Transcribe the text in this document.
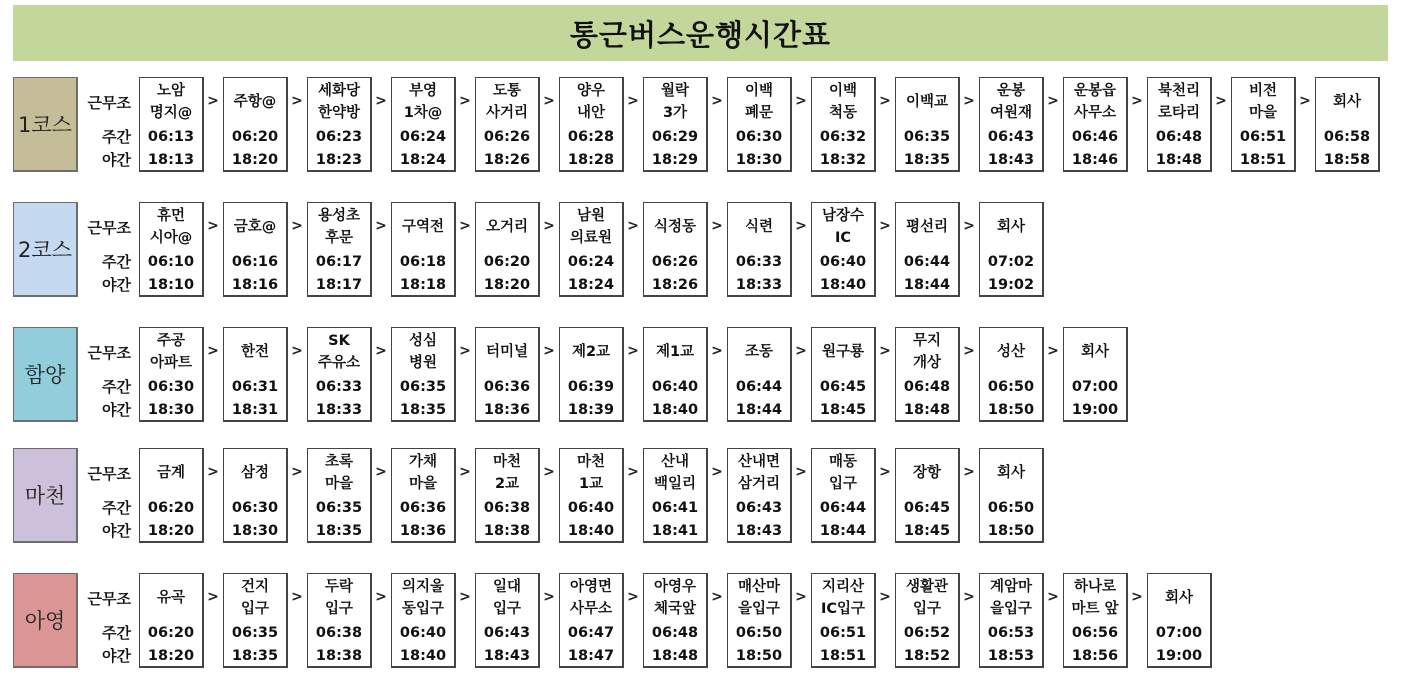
통근버스운행시간표
1코스
근무조
주간
야간
노암
명지@
06:13
18:13
> 주항@
06:20
18:20
>
세화당
한약방
06:23
18:23
>
부영
1차@
06:24
18:24
>
도통
사거리
06:26
18:26
>
양우
내안
06:28
18:28
>
월락
3가
06:29
18:29
>
이백
폐문
06:30
18:30
>
이백
척동
06:32
18:32
> 이백교
06:35
18:35
>
운봉
여원재
06:43
18:43
>
운봉읍
사무소
06:46
18:46
>
북천리
로타리
06:48
18:48
>
비전
마을
06:51
18:51
> 회사
06:58
18:58
2코스
근무조
주간
야간
휴먼
시아@
06:10
18:10
> 금호@
06:16
18:16
>
용성초
후문
06:17
18:17
> 구역전
06:18
18:18
> 오거리
06:20
18:20
>
남원
의료원
06:24
18:24
> 식정동
06:26
18:26
> 식련
06:33
18:33
>
남장수
IC
06:40
18:40
> 평선리
06:44
18:44
> 회사
07:02
19:02
함양
근무조
주간
야간
주공
아파트
06:30
18:30
> 한전
06:31
18:31
>
SK
주유소
06:33
18:33
>
성심
병원
06:35
18:35
> 터미널
06:36
18:36
> 제2교
06:39
18:39
> 제1교
06:40
18:40
> 조동
06:44
18:44
> 원구룡
06:45
18:45
>
무지
개상
06:48
18:48
> 성산
06:50
18:50
> 회사
07:00
19:00
마천
근무조
주간
야간
금계
06:20
18:20
> 삼정
06:30
18:30
>
초록
마을
06:35
18:35
>
가채
마을
06:36
18:36
>
마천
2교
06:38
18:38
>
마천
1교
06:40
18:40
>
산내
백일리
06:41
18:41
>
산내면
삼거리
06:43
18:43
>
매동
입구
06:44
18:44
> 장항
06:45
18:45
> 회사
06:50
18:50
아영
근무조
주간
야간
유곡
06:20
18:20
>
건지
입구
06:35
18:35
>
두락
입구
06:38
18:38
>
의지울
동입구
06:40
18:40
>
일대
입구
06:43
18:43
>
아영면
사무소
06:47
18:47
>
아영우
체국앞
06:48
18:48
>
매산마
을입구
06:50
18:50
>
지리산
IC입구
06:51
18:51
>
생활관
입구
06:52
18:52
>
계암마
을입구
06:53
18:53
>
하나로
마트 앞
06:56
18:56
> 회사
07:00
19:00
